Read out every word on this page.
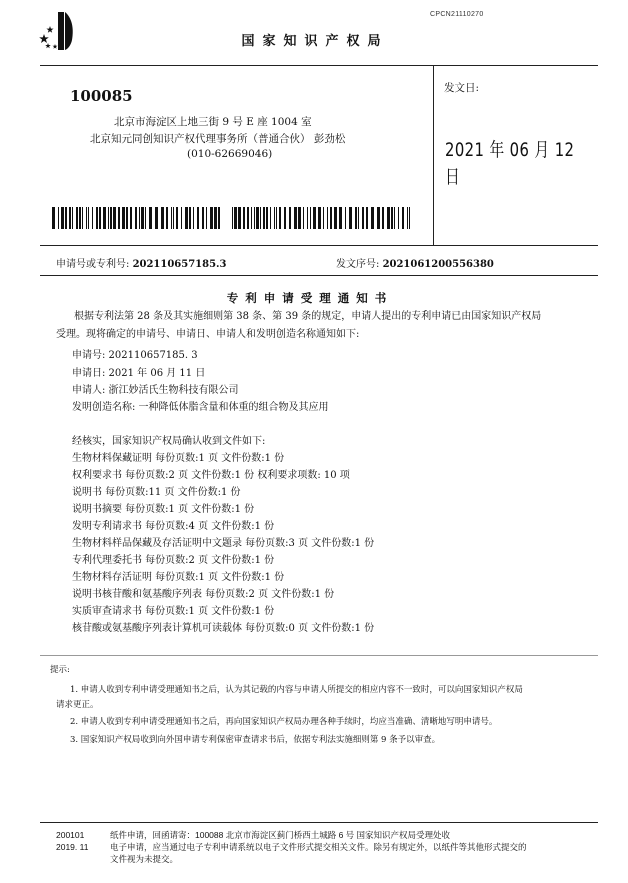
CPCN21110270
国家知识产权局
100085
北京市海淀区上地三街 9 号 E 座 1004 室
北京知元同创知识产权代理事务所（普通合伙） 彭劲松
(010-62669046)
发文日:
2021 年 06 月 12 日
申请号或专利号: 202110657185.3	发文序号: 2021061200556380
专利申请受理通知书
根据专利法第 28 条及其实施细则第 38 条、第 39 条的规定，申请人提出的专利申请已由国家知识产权局
受理。现将确定的申请号、申请日、申请人和发明创造名称通知如下:
申请号: 202110657185. 3
申请日: 2021 年 06 月 11 日
申请人: 浙江妙活氏生物科技有限公司
发明创造名称: 一种降低体脂含量和体重的组合物及其应用
经核实，国家知识产权局确认收到文件如下:
生物材料保藏证明 每份页数:1 页 文件份数:1 份
权利要求书 每份页数:2 页 文件份数:1 份 权利要求项数: 10 项
说明书 每份页数:11 页 文件份数:1 份
说明书摘要 每份页数:1 页 文件份数:1 份
发明专利请求书 每份页数:4 页 文件份数:1 份
生物材料样品保藏及存活证明中文题录 每份页数:3 页 文件份数:1 份
专利代理委托书 每份页数:2 页 文件份数:1 份
生物材料存活证明 每份页数:1 页 文件份数:1 份
说明书核苷酸和氨基酸序列表 每份页数:2 页 文件份数:1 份
实质审查请求书 每份页数:1 页 文件份数:1 份
核苷酸或氨基酸序列表计算机可读载体 每份页数:0 页 文件份数:1 份
提示:
1. 申请人收到专利申请受理通知书之后，认为其记载的内容与申请人所提交的相应内容不一致时，可以向国家知识产权局
请求更正。
2. 申请人收到专利申请受理通知书之后，再向国家知识产权局办理各种手续时，均应当准确、清晰地写明申请号。
3. 国家知识产权局收到向外国申请专利保密审查请求书后，依据专利法实施细则第 9 条予以审查。
200101
2019. 11
纸件申请，回函请寄：100088 北京市海淀区蓟门桥西土城路 6 号 国家知识产权局受理处收
电子申请，应当通过电子专利申请系统以电子文件形式提交相关文件。除另有规定外，以纸件等其他形式提交的
文件视为未提交。
